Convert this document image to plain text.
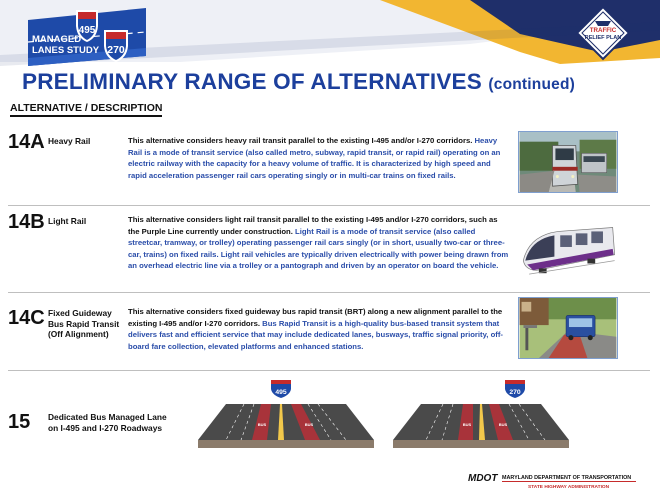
495
270
MANAGED
LANES STUDY
TRAFFIC
RELIEF PLAN
PRELIMINARY RANGE OF ALTERNATIVES (continued)
ALTERNATIVE / DESCRIPTION
14A Heavy Rail	This alternative considers heavy rail transit parallel to the existing I-495 and/or I-270 corridors. Heavy Rail is a mode of transit service (also called metro, subway, rapid transit, or rapid rail) operating on an electric railway with the capacity for a heavy volume of traffic. It is characterized by high speed and rapid acceleration passenger rail cars operating singly or in multi-car trains on fixed rails.
14B Light Rail	This alternative considers light rail transit parallel to the existing I-495 and/or I-270 corridors, such as the Purple Line currently under construction. Light Rail is a mode of transit service (also called streetcar, tramway, or trolley) operating passenger rail cars singly (or in short, usually two-car or three-car, trains) on fixed rails. Light rail vehicles are typically driven electrically with power being drawn from an overhead electric line via a trolley or a pantograph and driven by an operator on board the vehicle.
14C Fixed Guideway
Bus Rapid Transit
(Off Alignment)
This alternative considers fixed guideway bus rapid transit (BRT) along a new alignment parallel to the existing I-495 and/or I-270 corridors. Bus Rapid Transit is a high-quality bus-based transit system that delivers fast and efficient service that may include dedicated lanes, busways, traffic signal priority, off-board fare collection, elevated platforms and enhanced stations.
15 Dedicated Bus Managed Lane
on I-495 and I-270 Roadways
495
BUS	BUS
270
BUS	BUS
MDOT MARYLAND DEPARTMENT OF TRANSPORTATION
STATE HIGHWAY ADMINISTRATION
